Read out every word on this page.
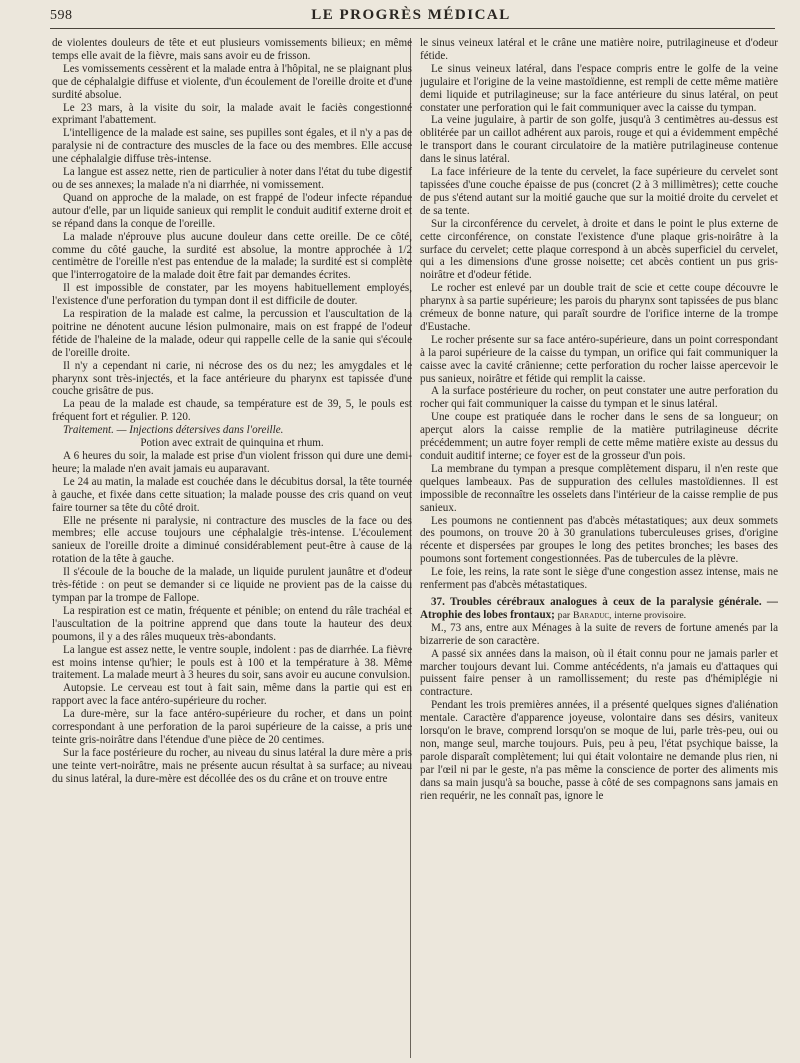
598	LE PROGRÈS MÉDICAL

de violentes douleurs de tête et eut plusieurs vomissements bilieux; en même temps elle avait de la fièvre, mais sans avoir eu de frisson.

Les vomissements cessèrent et la malade entra à l'hôpital, ne se plaignant plus que de céphalalgie diffuse et violente, d'un écoulement de l'oreille droite et d'une surdité absolue.

Le 23 mars, à la visite du soir, la malade avait le faciès congestionné exprimant l'abattement.

L'intelligence de la malade est saine, ses pupilles sont égales, et il n'y a pas de paralysie ni de contracture des muscles de la face ou des membres. Elle accuse une céphalalgie diffuse très-intense.

La langue est assez nette, rien de particulier à noter dans l'état du tube digestif ou de ses annexes; la malade n'a ni diarrhée, ni vomissement.

Quand on approche de la malade, on est frappé de l'odeur infecte répandue autour d'elle, par un liquide sanieux qui remplit le conduit auditif externe droit et se répand dans la conque de l'oreille.

La malade n'éprouve plus aucune douleur dans cette oreille. De ce côté, comme du côté gauche, la surdité est absolue, la montre approchée à 1/2 centimètre de l'oreille n'est pas entendue de la malade; la surdité est si complète que l'interrogatoire de la malade doit être fait par demandes écrites.

Il est impossible de constater, par les moyens habituellement employés, l'existence d'une perforation du tympan dont il est difficile de douter.

La respiration de la malade est calme, la percussion et l'auscultation de la poitrine ne dénotent aucune lésion pulmonaire, mais on est frappé de l'odeur fétide de l'haleine de la malade, odeur qui rappelle celle de la sanie qui s'écoule de l'oreille droite.

Il n'y a cependant ni carie, ni nécrose des os du nez; les amygdales et le pharynx sont très-injectés, et la face antérieure du pharynx est tapissée d'une couche grisâtre de pus.

La peau de la malade est chaude, sa température est de 39, 5, le pouls est fréquent fort et régulier. P. 120.

Traitement. — Injections détersives dans l'oreille.

Potion avec extrait de quinquina et rhum.

A 6 heures du soir, la malade est prise d'un violent frisson qui dure une demi-heure; la malade n'en avait jamais eu auparavant.

Le 24 au matin, la malade est couchée dans le décubitus dorsal, la tête tournée à gauche, et fixée dans cette situation; la malade pousse des cris quand on veut faire tourner sa tête du côté droit.

Elle ne présente ni paralysie, ni contracture des muscles de la face ou des membres; elle accuse toujours une céphalalgie très-intense. L'écoulement sanieux de l'oreille droite a diminué considérablement peut-être à cause de la rotation de la tête à gauche.

Il s'écoule de la bouche de la malade, un liquide purulent jaunâtre et d'odeur très-fétide : on peut se demander si ce liquide ne provient pas de la caisse du tympan par la trompe de Fallope.

La respiration est ce matin, fréquente et pénible; on entend du râle trachéal et l'auscultation de la poitrine apprend que dans toute la hauteur des deux poumons, il y a des râles muqueux très-abondants.

La langue est assez nette, le ventre souple, indolent : pas de diarrhée. La fièvre est moins intense qu'hier; le pouls est à 100 et la température à 38. Même traitement. La malade meurt à 3 heures du soir, sans avoir eu aucune convulsion.

Autopsie. Le cerveau est tout à fait sain, même dans la partie qui est en rapport avec la face antéro-supérieure du rocher.

La dure-mère, sur la face antéro-supérieure du rocher, et dans un point correspondant à une perforation de la paroi supérieure de la caisse, a pris une teinte gris-noirâtre dans l'étendue d'une pièce de 20 centimes.

Sur la face postérieure du rocher, au niveau du sinus latéral la dure mère a pris une teinte vert-noirâtre, mais ne présente aucun résultat à sa surface; au niveau du sinus latéral, la dure-mère est décollée des os du crâne et on trouve entre

le sinus veineux latéral et le crâne une matière noire, putrilagineuse et d'odeur fétide.

Le sinus veineux latéral, dans l'espace compris entre le golfe de la veine jugulaire et l'origine de la veine mastoïdienne, est rempli de cette même matière demi liquide et putrilagineuse; sur la face antérieure du sinus latéral, on peut constater une perforation qui le fait communiquer avec la caisse du tympan.

La veine jugulaire, à partir de son golfe, jusqu'à 3 centimètres au-dessus est oblitérée par un caillot adhérent aux parois, rouge et qui a évidemment empêché le transport dans le courant circulatoire de la matière putrilagineuse contenue dans le sinus latéral.

La face inférieure de la tente du cervelet, la face supérieure du cervelet sont tapissées d'une couche épaisse de pus (concret (2 à 3 millimètres); cette couche de pus s'étend autant sur la moitié gauche que sur la moitié droite du cervelet et de sa tente.

Sur la circonférence du cervelet, à droite et dans le point le plus externe de cette circonférence, on constate l'existence d'une plaque gris-noirâtre à la surface du cervelet; cette plaque correspond à un abcès superficiel du cervelet, qui a les dimensions d'une grosse noisette; cet abcès contient un pus gris-noirâtre et d'odeur fétide.

Le rocher est enlevé par un double trait de scie et cette coupe découvre le pharynx à sa partie supérieure; les parois du pharynx sont tapissées de pus blanc crémeux de bonne nature, qui paraît sourdre de l'orifice interne de la trompe d'Eustache.

Le rocher présente sur sa face antéro-supérieure, dans un point correspondant à la paroi supérieure de la caisse du tympan, un orifice qui fait communiquer la caisse avec la cavité crânienne; cette perforation du rocher laisse apercevoir le pus sanieux, noirâtre et fétide qui remplit la caisse.

A la surface postérieure du rocher, on peut constater une autre perforation du rocher qui fait communiquer la caisse du tympan et le sinus latéral.

Une coupe est pratiquée dans le rocher dans le sens de sa longueur; on aperçut alors la caisse remplie de la matière putrilagineuse décrite précédemment; un autre foyer rempli de cette même matière existe au dessus du conduit auditif interne; ce foyer est de la grosseur d'un pois.

La membrane du tympan a presque complètement disparu, il n'en reste que quelques lambeaux. Pas de suppuration des cellules mastoïdiennes. Il est impossible de reconnaître les osselets dans l'intérieur de la caisse remplie de pus sanieux.

Les poumons ne contiennent pas d'abcès métastatiques; aux deux sommets des poumons, on trouve 20 à 30 granulations tuberculeuses grises, d'origine récente et dispersées par groupes le long des petites bronches; les bases des poumons sont fortement congestionnées. Pas de tubercules de la plèvre.

Le foie, les reins, la rate sont le siège d'une congestion assez intense, mais ne renferment pas d'abcès métastatiques.

37. Troubles cérébraux analogues à ceux de la paralysie générale. — Atrophie des lobes frontaux; par Baraduc, interne provisoire.

M., 73 ans, entre aux Ménages à la suite de revers de fortune amenés par la bizarrerie de son caractère.

A passé six années dans la maison, où il était connu pour ne jamais parler et marcher toujours devant lui. Comme antécédents, n'a jamais eu d'attaques qui puissent faire penser à un ramollissement; du reste pas d'hémiplégie ni contracture.

Pendant les trois premières années, il a présenté quelques signes d'aliénation mentale. Caractère d'apparence joyeuse, volontaire dans ses désirs, vaniteux lorsqu'on le brave, comprend lorsqu'on se moque de lui, parle très-peu, oui ou non, mange seul, marche toujours. Puis, peu à peu, l'état psychique baisse, la parole disparaît complètement; lui qui était volontaire ne demande plus rien, ni par l'œil ni par le geste, n'a pas même la conscience de porter des aliments mis dans sa main jusqu'à sa bouche, passe à côté de ses compagnons sans jamais en rien requérir, ne les connaît pas, ignore le
